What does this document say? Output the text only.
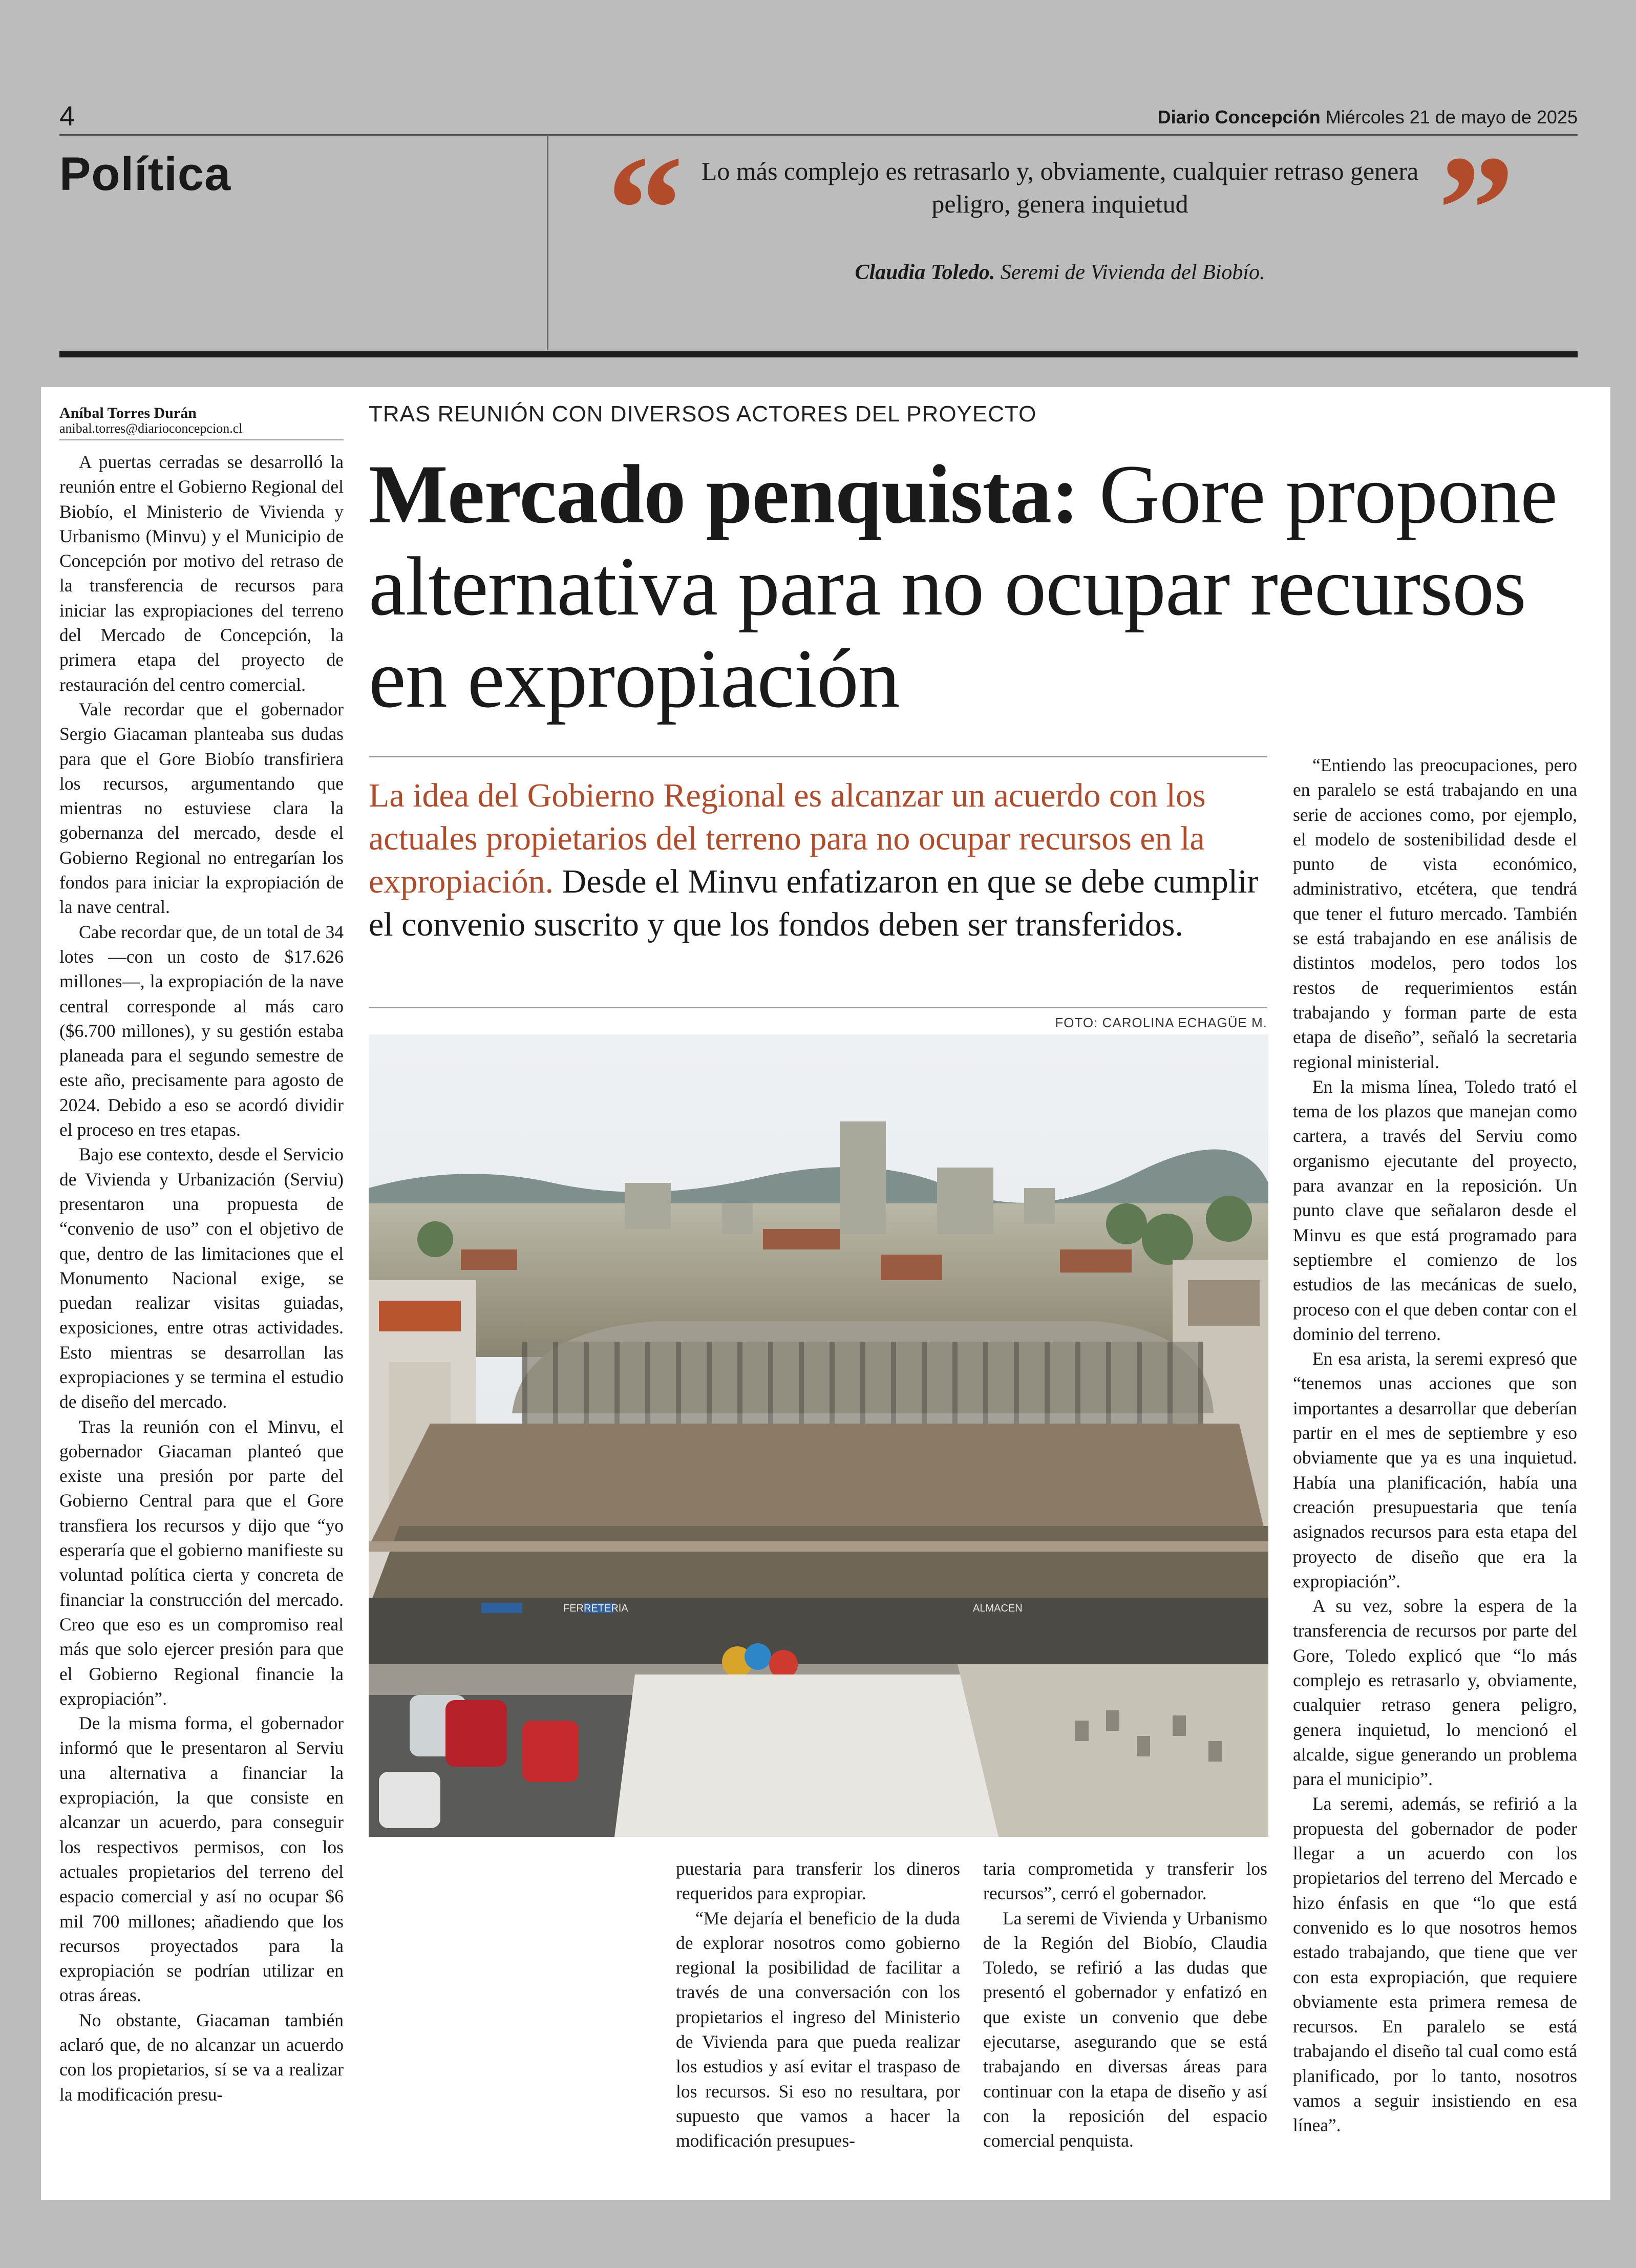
4	Diario Concepción Miércoles 21 de mayo de 2025
Política “	”
Lo más complejo es retrasarlo y, obviamente, cualquier retraso genera peligro, genera inquietud
Claudia Toledo. Seremi de Vivienda del Biobío.
Aníbal Torres Durán
anibal.torres@diarioconcepcion.cl
TRAS REUNIÓN CON DIVERSOS ACTORES DEL PROYECTO
Mercado penquista: Gore propone alternativa para no ocupar recursos en expropiación
La idea del Gobierno Regional es alcanzar un acuerdo con los actuales propietarios del terreno para no ocupar recursos en la expropiación. Desde el Minvu enfatizaron en que se debe cumplir el convenio suscrito y que los fondos deben ser transferidos.
FOTO: CAROLINA ECHAGÜE M.
FERRETERIA	ALMACEN

A puertas cerradas se desarrolló la reunión entre el Gobierno Regional del Biobío, el Ministerio de Vivienda y Urbanismo (Minvu) y el Municipio de Concepción por motivo del retraso de la transferencia de recursos para iniciar las expropiaciones del terreno del Mercado de Concepción, la primera etapa del proyecto de restauración del centro comercial.

Vale recordar que el gobernador Sergio Giacaman planteaba sus dudas para que el Gore Biobío transfiriera los recursos, argumentando que mientras no estuviese clara la gobernanza del mercado, desde el Gobierno Regional no entregarían los fondos para iniciar la expropiación de la nave central.

Cabe recordar que, de un total de 34 lotes —con un costo de $17.626 millones—, la expropiación de la nave central corresponde al más caro ($6.700 millones), y su gestión estaba planeada para el segundo semestre de este año, precisamente para agosto de 2024. Debido a eso se acordó dividir el proceso en tres etapas.

Bajo ese contexto, desde el Servicio de Vivienda y Urbanización (Serviu) presentaron una propuesta de “convenio de uso” con el objetivo de que, dentro de las limitaciones que el Monumento Nacional exige, se puedan realizar visitas guiadas, exposiciones, entre otras actividades. Esto mientras se desarrollan las expropiaciones y se termina el estudio de diseño del mercado.

Tras la reunión con el Minvu, el gobernador Giacaman planteó que existe una presión por parte del Gobierno Central para que el Gore transfiera los recursos y dijo que “yo esperaría que el gobierno manifieste su voluntad política cierta y concreta de financiar la construcción del mercado. Creo que eso es un compromiso real más que solo ejercer presión para que el Gobierno Regional financie la expropiación”.

De la misma forma, el gobernador informó que le presentaron al Serviu una alternativa a financiar la expropiación, la que consiste en alcanzar un acuerdo, para conseguir los respectivos permisos, con los actuales propietarios del terreno del espacio comercial y así no ocupar $6 mil 700 millones; añadiendo que los recursos proyectados para la expropiación se podrían utilizar en otras áreas.

No obstante, Giacaman también aclaró que, de no alcanzar un acuerdo con los propietarios, sí se va a realizar la modificación presu-

puestaria para transferir los dineros requeridos para expropiar.

“Me dejaría el beneficio de la duda de explorar nosotros como gobierno regional la posibilidad de facilitar a través de una conversación con los propietarios el ingreso del Ministerio de Vivienda para que pueda realizar los estudios y así evitar el traspaso de los recursos. Si eso no resultara, por supuesto que vamos a hacer la modificación presupues-

taria comprometida y transferir los recursos”, cerró el gobernador.

La seremi de Vivienda y Urbanismo de la Región del Biobío, Claudia Toledo, se refirió a las dudas que presentó el gobernador y enfatizó en que existe un convenio que debe ejecutarse, asegurando que se está trabajando en diversas áreas para continuar con la etapa de diseño y así con la reposición del espacio comercial penquista.

“Entiendo las preocupaciones, pero en paralelo se está trabajando en una serie de acciones como, por ejemplo, el modelo de sostenibilidad desde el punto de vista económico, administrativo, etcétera, que tendrá que tener el futuro mercado. También se está trabajando en ese análisis de distintos modelos, pero todos los restos de requerimientos están trabajando y forman parte de esta etapa de diseño”, señaló la secretaria regional ministerial.

En la misma línea, Toledo trató el tema de los plazos que manejan como cartera, a través del Serviu como organismo ejecutante del proyecto, para avanzar en la reposición. Un punto clave que señalaron desde el Minvu es que está programado para septiembre el comienzo de los estudios de las mecánicas de suelo, proceso con el que deben contar con el dominio del terreno.

En esa arista, la seremi expresó que “tenemos unas acciones que son importantes a desarrollar que deberían partir en el mes de septiembre y eso obviamente que ya es una inquietud. Había una planificación, había una creación presupuestaria que tenía asignados recursos para esta etapa del proyecto de diseño que era la expropiación”.

A su vez, sobre la espera de la transferencia de recursos por parte del Gore, Toledo explicó que “lo más complejo es retrasarlo y, obviamente, cualquier retraso genera peligro, genera inquietud, lo mencionó el alcalde, sigue generando un problema para el municipio”.

La seremi, además, se refirió a la propuesta del gobernador de poder llegar a un acuerdo con los propietarios del terreno del Mercado e hizo énfasis en que “lo que está convenido es lo que nosotros hemos estado trabajando, que tiene que ver con esta expropiación, que requiere obviamente esta primera remesa de recursos. En paralelo se está trabajando el diseño tal cual como está planificado, por lo tanto, nosotros vamos a seguir insistiendo en esa línea”.
